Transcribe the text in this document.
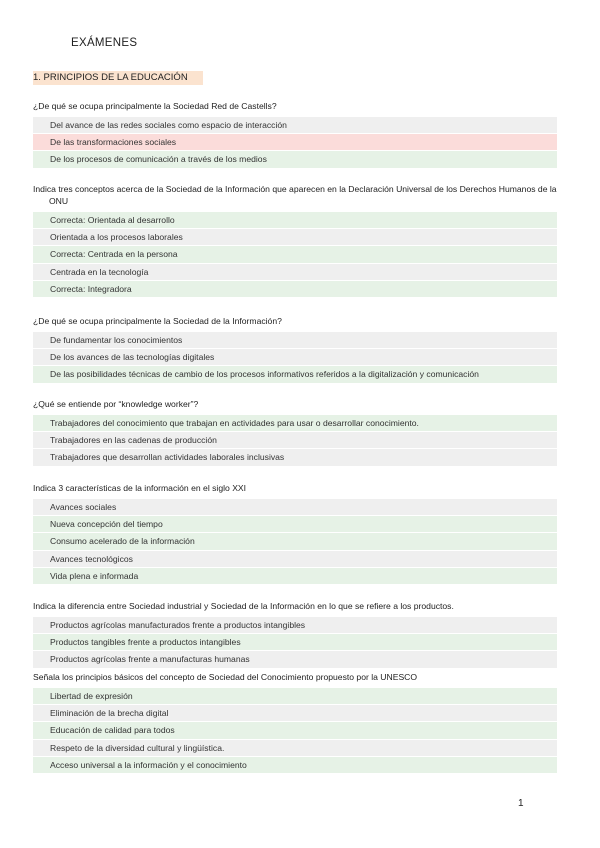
EXÁMENES
1. PRINCIPIOS DE LA EDUCACIÓN
¿De qué se ocupa principalmente la Sociedad Red de Castells?
Del avance de las redes sociales como espacio de interacción
De las transformaciones sociales
De los procesos de comunicación a través de los medios
Indica tres conceptos acerca de la Sociedad de la Información que aparecen en la Declaración Universal de los Derechos Humanos de la ONU
Correcta: Orientada al desarrollo
Orientada a los procesos laborales
Correcta: Centrada en la persona
Centrada en la tecnología
Correcta: Integradora
¿De qué se ocupa principalmente la Sociedad de la Información?
De fundamentar los conocimientos
De los avances de las tecnologías digitales
De las posibilidades técnicas de cambio de los procesos informativos referidos a la digitalización y comunicación
¿Qué se entiende por “knowledge worker”?
Trabajadores del conocimiento que trabajan en actividades para usar o desarrollar conocimiento.
Trabajadores en las cadenas de producción
Trabajadores que desarrollan actividades laborales inclusivas
Indica 3 características de la información en el siglo XXI
Avances sociales
Nueva concepción del tiempo
Consumo acelerado de la información
Avances tecnológicos
Vida plena e informada
Indica la diferencia entre Sociedad industrial y Sociedad de la Información en lo que se refiere a los productos.
Productos agrícolas manufacturados frente a productos intangibles
Productos tangibles frente a productos intangibles
Productos agrícolas frente a manufacturas humanas
Señala los principios básicos del concepto de Sociedad del Conocimiento propuesto por la UNESCO
Libertad de expresión
Eliminación de la brecha digital
Educación de calidad para todos
Respeto de la diversidad cultural y lingüística.
Acceso universal a la información y el conocimiento
1
